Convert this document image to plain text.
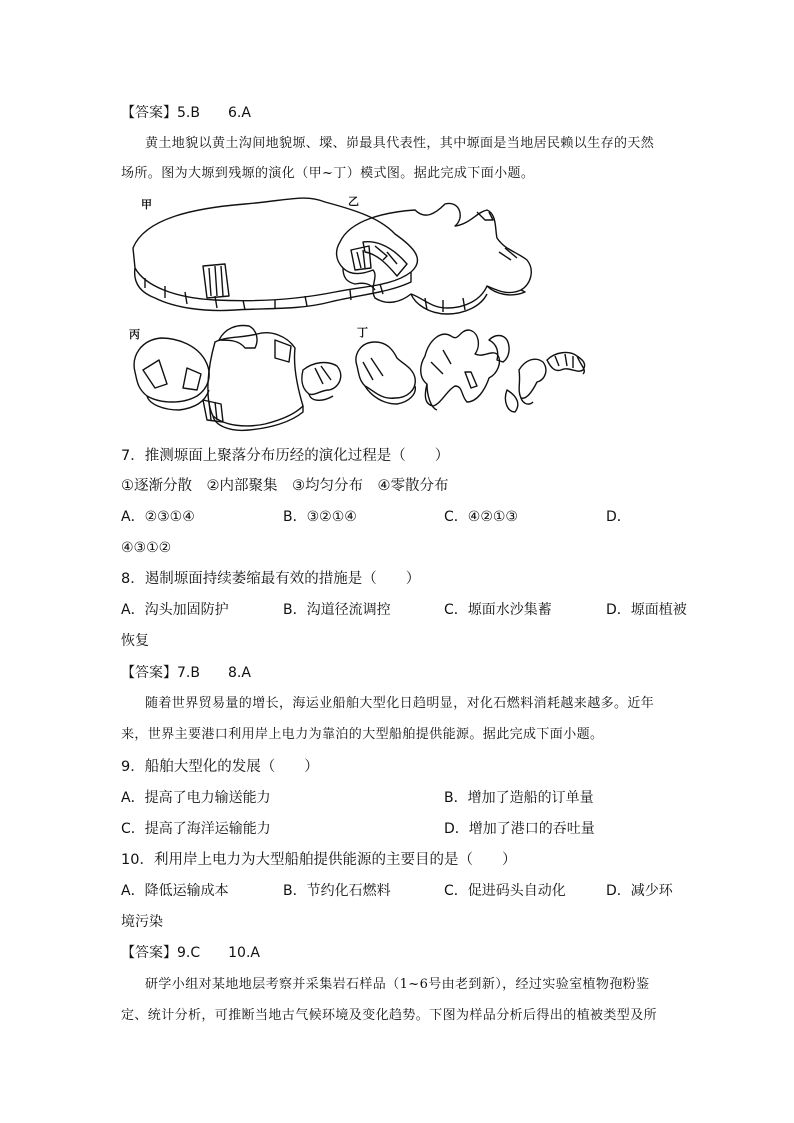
【答案】5.B 6.A
黄土地貌以黄土沟间地貌塬、墚、峁最具代表性，其中塬面是当地居民赖以生存的天然
场所。图为大塬到残塬的演化（甲~丁）模式图。据此完成下面小题。
甲	乙
丙	丁
7．推测塬面上聚落分布历经的演化过程是（　　）
①逐渐分散　②内部聚集　③均匀分布　④零散分布
A．②③①④	B．③②①④	C．④②①③	D．
④③①②
8．遏制塬面持续萎缩最有效的措施是（　　）
A．沟头加固防护	B．沟道径流调控	C．塬面水沙集蓄	D．塬面植被
恢复
【答案】7.B 8.A
随着世界贸易量的增长，海运业船舶大型化日趋明显，对化石燃料消耗越来越多。近年
来，世界主要港口利用岸上电力为靠泊的大型船舶提供能源。据此完成下面小题。
9．船舶大型化的发展（　　）
A．提高了电力输送能力	B．增加了造船的订单量
C．提高了海洋运输能力	D．增加了港口的吞吐量
10．利用岸上电力为大型船舶提供能源的主要目的是（　　）
A．降低运输成本	B．节约化石燃料	C．促进码头自动化	D．减少环
境污染
【答案】9.C 10.A
研学小组对某地地层考察并采集岩石样品（1~6号由老到新），经过实验室植物孢粉鉴
定、统计分析，可推断当地古气候环境及变化趋势。下图为样品分析后得出的植被类型及所
